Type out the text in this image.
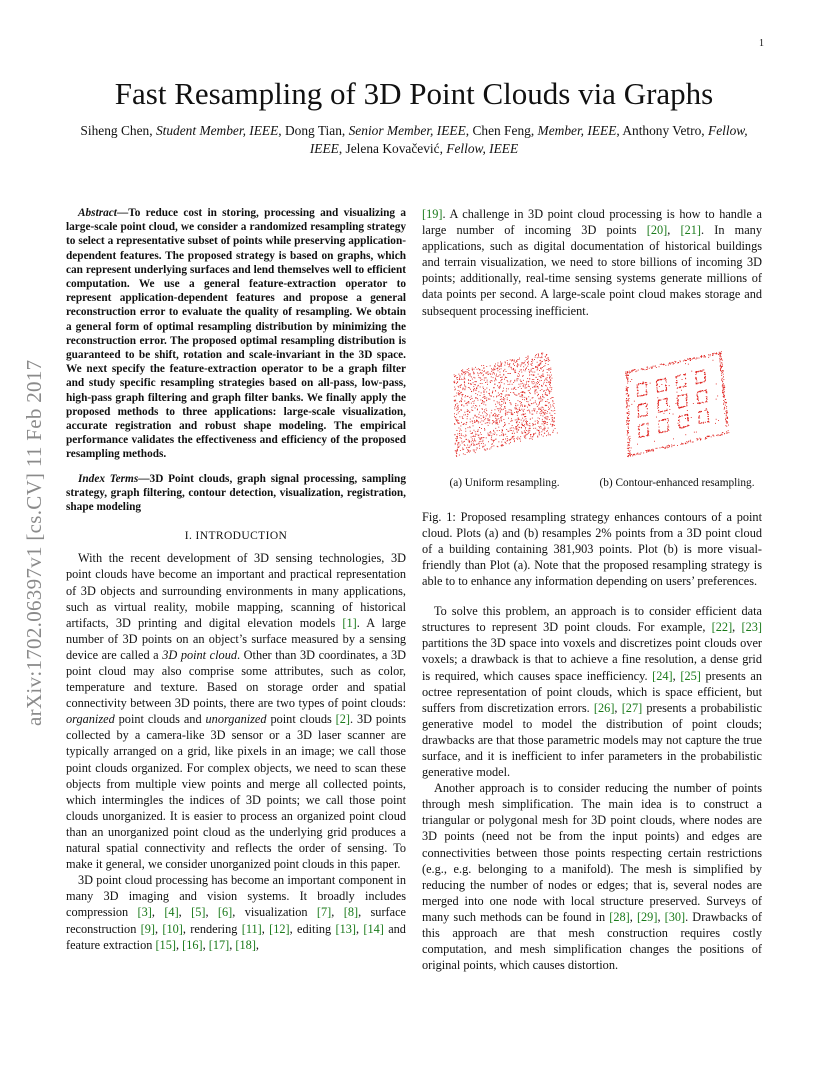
1
arXiv:1702.06397v1 [cs.CV] 11 Feb 2017
Fast Resampling of 3D Point Clouds via Graphs
Siheng Chen, Student Member, IEEE, Dong Tian, Senior Member, IEEE, Chen Feng, Member, IEEE, Anthony Vetro, Fellow, IEEE, Jelena Kovačević, Fellow, IEEE

Abstract—To reduce cost in storing, processing and visualizing a large-scale point cloud, we consider a randomized resampling strategy to select a representative subset of points while preserving application-dependent features. The proposed strategy is based on graphs, which can represent underlying surfaces and lend themselves well to efficient computation. We use a general feature-extraction operator to represent application-dependent features and propose a general reconstruction error to evaluate the quality of resampling. We obtain a general form of optimal resampling distribution by minimizing the reconstruction error. The proposed optimal resampling distribution is guaranteed to be shift, rotation and scale-invariant in the 3D space. We next specify the feature-extraction operator to be a graph filter and study specific resampling strategies based on all-pass, low-pass, high-pass graph filtering and graph filter banks. We finally apply the proposed methods to three applications: large-scale visualization, accurate registration and robust shape modeling. The empirical performance validates the effectiveness and efficiency of the proposed resampling methods.

Index Terms—3D Point clouds, graph signal processing, sampling strategy, graph filtering, contour detection, visualization, registration, shape modeling

I. INTRODUCTION

With the recent development of 3D sensing technologies, 3D point clouds have become an important and practical representation of 3D objects and surrounding environments in many applications, such as virtual reality, mobile mapping, scanning of historical artifacts, 3D printing and digital elevation models [1]. A large number of 3D points on an object’s surface measured by a sensing device are called a 3D point cloud. Other than 3D coordinates, a 3D point cloud may also comprise some attributes, such as color, temperature and texture. Based on storage order and spatial connectivity between 3D points, there are two types of point clouds: organized point clouds and unorganized point clouds [2]. 3D points collected by a camera-like 3D sensor or a 3D laser scanner are typically arranged on a grid, like pixels in an image; we call those point clouds organized. For complex objects, we need to scan these objects from multiple view points and merge all collected points, which intermingles the indices of 3D points; we call those point clouds unorganized. It is easier to process an organized point cloud than an unorganized point cloud as the underlying grid produces a natural spatial connectivity and reflects the order of sensing. To make it general, we consider unorganized point clouds in this paper.

3D point cloud processing has become an important component in many 3D imaging and vision systems. It broadly includes compression [3], [4], [5], [6], visualization [7], [8], surface reconstruction [9], [10], rendering [11], [12], editing [13], [14] and feature extraction [15], [16], [17], [18],

[19]. A challenge in 3D point cloud processing is how to handle a large number of incoming 3D points [20], [21]. In many applications, such as digital documentation of historical buildings and terrain visualization, we need to store billions of incoming 3D points; additionally, real-time sensing systems generate millions of data points per second. A large-scale point cloud makes storage and subsequent processing inefficient.

(a) Uniform resampling.	(b) Contour-enhanced resampling.
Fig. 1: Proposed resampling strategy enhances contours of a point cloud. Plots (a) and (b) resamples 2% points from a 3D point cloud of a building containing 381,903 points. Plot (b) is more visual-friendly than Plot (a). Note that the proposed resampling strategy is able to to enhance any information depending on users’ preferences.

To solve this problem, an approach is to consider efficient data structures to represent 3D point clouds. For example, [22], [23] partitions the 3D space into voxels and discretizes point clouds over voxels; a drawback is that to achieve a fine resolution, a dense grid is required, which causes space inefficiency. [24], [25] presents an octree representation of point clouds, which is space efficient, but suffers from discretization errors. [26], [27] presents a probabilistic generative model to model the distribution of point clouds; drawbacks are that those parametric models may not capture the true surface, and it is inefficient to infer parameters in the probabilistic generative model.

Another approach is to consider reducing the number of points through mesh simplification. The main idea is to construct a triangular or polygonal mesh for 3D point clouds, where nodes are 3D points (need not be from the input points) and edges are connectivities between those points respecting certain restrictions (e.g., e.g. belonging to a manifold). The mesh is simplified by reducing the number of nodes or edges; that is, several nodes are merged into one node with local structure preserved. Surveys of many such methods can be found in [28], [29], [30]. Drawbacks of this approach are that mesh construction requires costly computation, and mesh simplification changes the positions of original points, which causes distortion.
